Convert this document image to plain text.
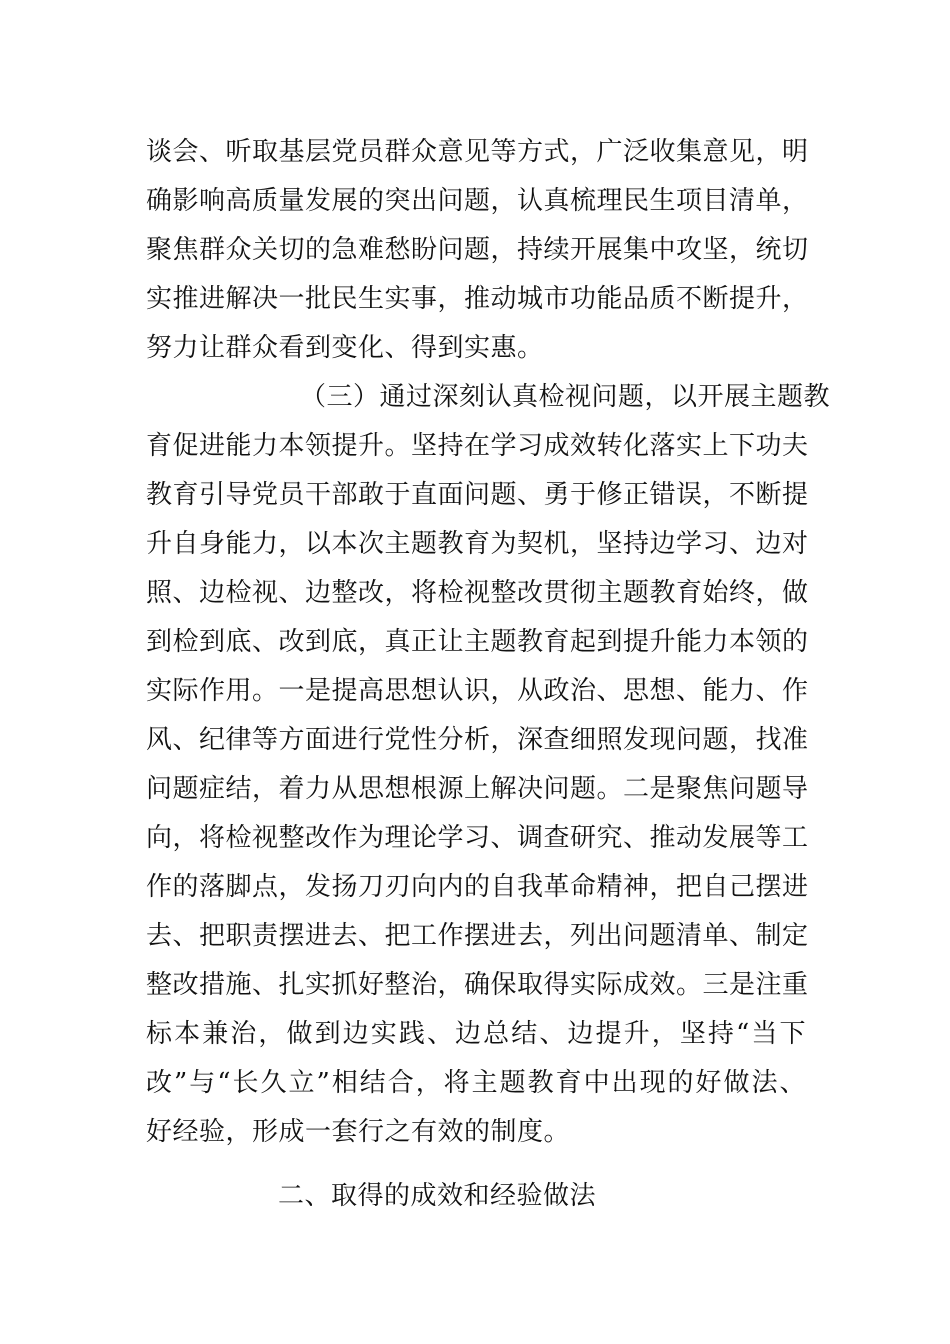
谈会、听取基层党员群众意见等方式，广泛收集意见，明
确影响高质量发展的突出问题，认真梳理民生项目清单，
聚焦群众关切的急难愁盼问题，持续开展集中攻坚，统切
实推进解决一批民生实事，推动城市功能品质不断提升，
努力让群众看到变化、得到实惠。
（三）通过深刻认真检视问题，以开展主题教
育促进能力本领提升。坚持在学习成效转化落实上下功夫
教育引导党员干部敢于直面问题、勇于修正错误，不断提
升自身能力，以本次主题教育为契机，坚持边学习、边对
照、边检视、边整改，将检视整改贯彻主题教育始终，做
到检到底、改到底，真正让主题教育起到提升能力本领的
实际作用。一是提高思想认识，从政治、思想、能力、作
风、纪律等方面进行党性分析，深查细照发现问题，找准
问题症结，着力从思想根源上解决问题。二是聚焦问题导
向，将检视整改作为理论学习、调查研究、推动发展等工
作的落脚点，发扬刀刃向内的自我革命精神，把自己摆进
去、把职责摆进去、把工作摆进去，列出问题清单、制定
整改措施、扎实抓好整治，确保取得实际成效。三是注重
标本兼治，做到边实践、边总结、边提升，坚持“当下
改”与“长久立”相结合，将主题教育中出现的好做法、
好经验，形成一套行之有效的制度。
二、取得的成效和经验做法
